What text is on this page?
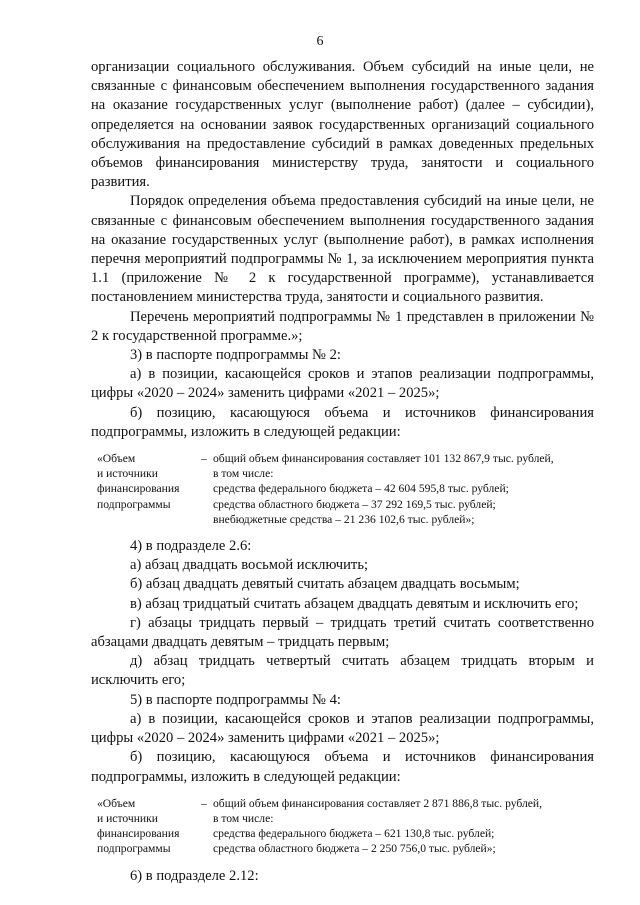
6

организации социального обслуживания. Объем субсидий на иные цели, не связанные с финансовым обеспечением выполнения государственного задания на оказание государственных услуг (выполнение работ) (далее – субсидии), определяется на основании заявок государственных организаций социального обслуживания на предоставление субсидий в рамках доведенных предельных объемов финансирования министерству труда, занятости и социального развития.

Порядок определения объема предоставления субсидий на иные цели, не связанные с финансовым обеспечением выполнения государственного задания на оказание государственных услуг (выполнение работ), в рамках исполнения перечня мероприятий подпрограммы № 1, за исключением мероприятия пункта 1.1 (приложение № 2 к государственной программе), устанавливается постановлением министерства труда, занятости и социального развития.

Перечень мероприятий подпрограммы № 1 представлен в приложении № 2 к государственной программе.»;

3) в паспорте подпрограммы № 2:

а) в позиции, касающейся сроков и этапов реализации подпрограммы, цифры «2020 – 2024» заменить цифрами «2021 – 2025»;

б) позицию, касающуюся объема и источников финансирования подпрограммы, изложить в следующей редакции:

«Объем
и источники
финансирования
подпрограммы
– общий объем финансирования составляет 101 132 867,9 тыс. рублей,
в том числе:
средства федерального бюджета – 42 604 595,8 тыс. рублей;
средства областного бюджета – 37 292 169,5 тыс. рублей;
внебюджетные средства – 21 236 102,6 тыс. рублей»;

4) в подразделе 2.6:

а) абзац двадцать восьмой исключить;

б) абзац двадцать девятый считать абзацем двадцать восьмым;

в) абзац тридцатый считать абзацем двадцать девятым и исключить его;

г) абзацы тридцать первый – тридцать третий считать соответственно абзацами двадцать девятым – тридцать первым;

д) абзац тридцать четвертый считать абзацем тридцать вторым и исключить его;

5) в паспорте подпрограммы № 4:

а) в позиции, касающейся сроков и этапов реализации подпрограммы, цифры «2020 – 2024» заменить цифрами «2021 – 2025»;

б) позицию, касающуюся объема и источников финансирования подпрограммы, изложить в следующей редакции:

«Объем
и источники
финансирования
подпрограммы
– общий объем финансирования составляет 2 871 886,8 тыс. рублей,
в том числе:
средства федерального бюджета – 621 130,8 тыс. рублей;
средства областного бюджета – 2 250 756,0 тыс. рублей»;

6) в подразделе 2.12:
